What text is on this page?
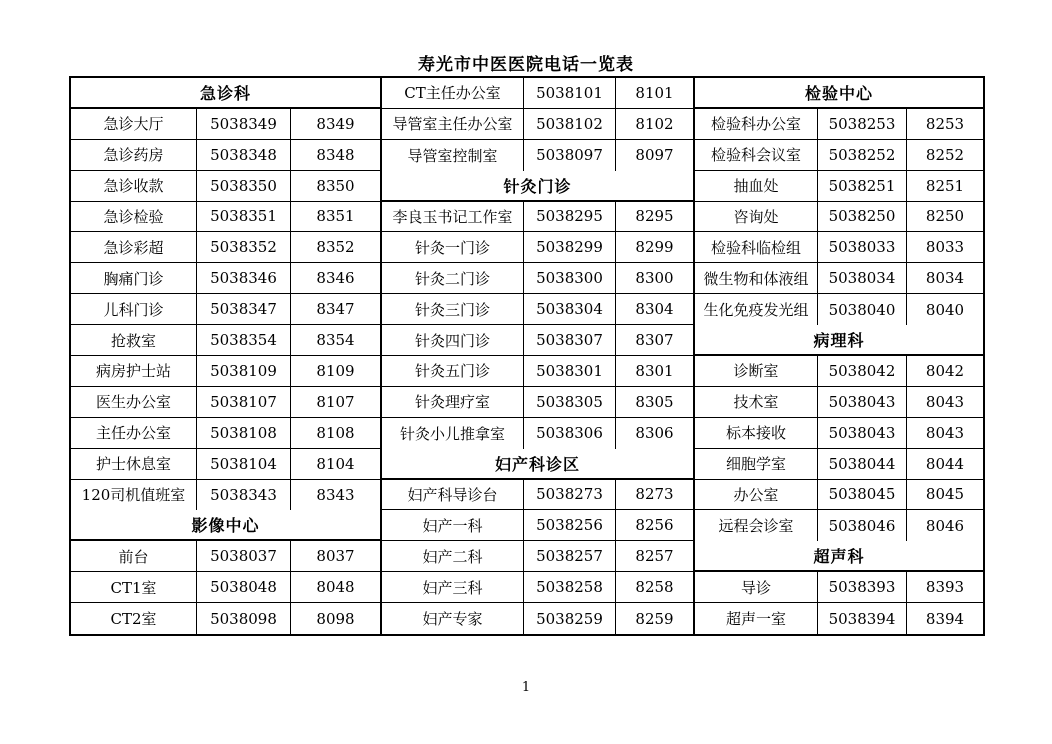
寿光市中医医院电话一览表
急诊科
急诊大厅	5038349	8349
急诊药房	5038348	8348
急诊收款	5038350	8350
急诊检验	5038351	8351
急诊彩超	5038352	8352
胸痛门诊	5038346	8346
儿科门诊	5038347	8347
抢救室	5038354	8354
病房护士站	5038109	8109
医生办公室	5038107	8107
主任办公室	5038108	8108
护士休息室	5038104	8104
120司机值班室	5038343	8343
影像中心
前台	5038037	8037
CT1室	5038048	8048
CT2室	5038098	8098
CT主任办公室	5038101	8101
导管室主任办公室	5038102	8102
导管室控制室	5038097	8097
针灸门诊
李良玉书记工作室	5038295	8295
针灸一门诊	5038299	8299
针灸二门诊	5038300	8300
针灸三门诊	5038304	8304
针灸四门诊	5038307	8307
针灸五门诊	5038301	8301
针灸理疗室	5038305	8305
针灸小儿推拿室	5038306	8306
妇产科诊区
妇产科导诊台	5038273	8273
妇产一科	5038256	8256
妇产二科	5038257	8257
妇产三科	5038258	8258
妇产专家	5038259	8259
检验中心
检验科办公室	5038253	8253
检验科会议室	5038252	8252
抽血处	5038251	8251
咨询处	5038250	8250
检验科临检组	5038033	8033
微生物和体液组	5038034	8034
生化免疫发光组	5038040	8040
病理科
诊断室	5038042	8042
技术室	5038043	8043
标本接收	5038043	8043
细胞学室	5038044	8044
办公室	5038045	8045
远程会诊室	5038046	8046
超声科
导诊	5038393	8393
超声一室	5038394	8394
1
